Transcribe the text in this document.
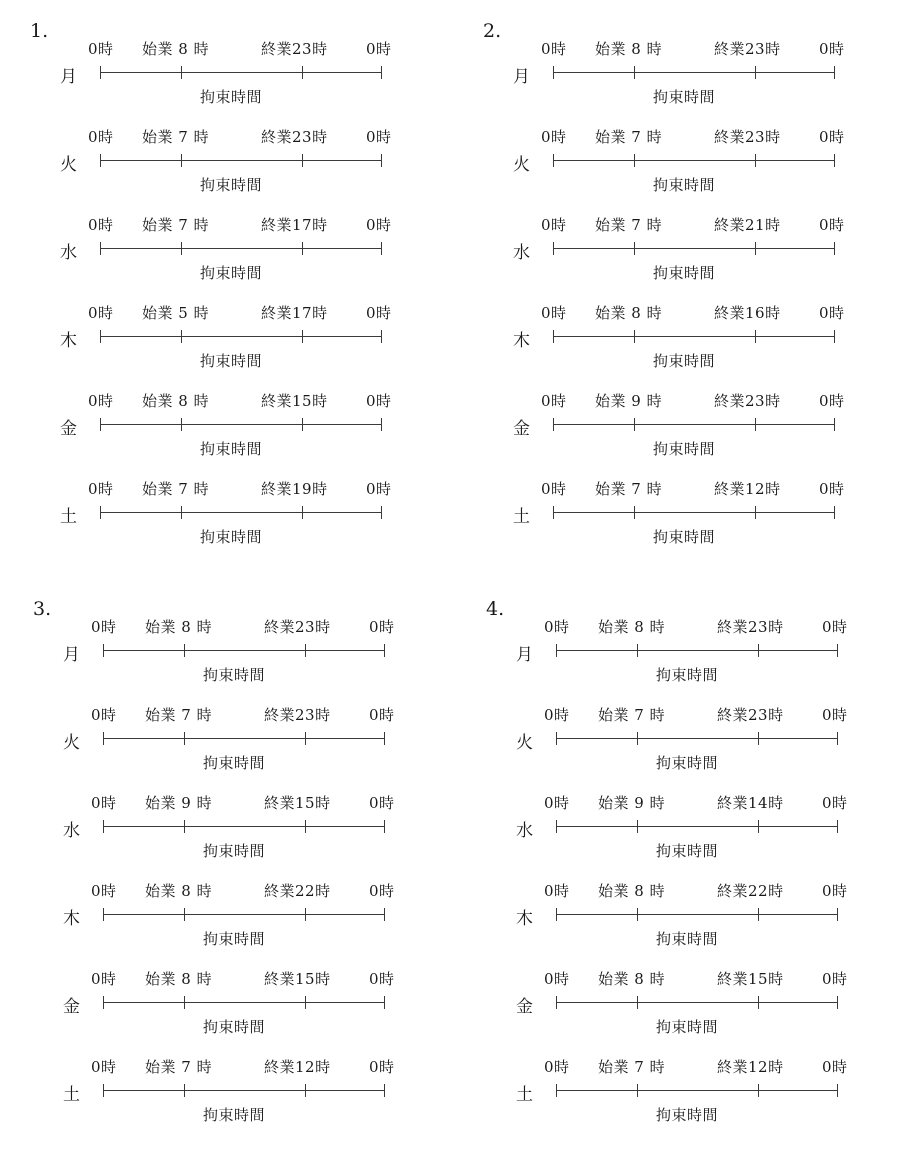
1.
0時 始業 8 時	終業23時	0時
月
拘束時間
0時 始業 7 時	終業23時	0時
火
拘束時間
0時 始業 7 時	終業17時	0時
水
拘束時間
0時 始業 5 時	終業17時	0時
木
拘束時間
0時 始業 8 時	終業15時	0時
金
拘束時間
0時 始業 7 時	終業19時	0時
土
拘束時間
2.
0時 始業 8 時	終業23時	0時
月
拘束時間
0時 始業 7 時	終業23時	0時
火
拘束時間
0時 始業 7 時	終業21時	0時
水
拘束時間
0時 始業 8 時	終業16時	0時
木
拘束時間
0時 始業 9 時	終業23時	0時
金
拘束時間
0時 始業 7 時	終業12時	0時
土
拘束時間
3.
0時 始業 8 時	終業23時	0時
月
拘束時間
0時 始業 7 時	終業23時	0時
火
拘束時間
0時 始業 9 時	終業15時	0時
水
拘束時間
0時 始業 8 時	終業22時	0時
木
拘束時間
0時 始業 8 時	終業15時	0時
金
拘束時間
0時 始業 7 時	終業12時	0時
土
拘束時間
4.
0時 始業 8 時	終業23時	0時
月
拘束時間
0時 始業 7 時	終業23時	0時
火
拘束時間
0時 始業 9 時	終業14時	0時
水
拘束時間
0時 始業 8 時	終業22時	0時
木
拘束時間
0時 始業 8 時	終業15時	0時
金
拘束時間
0時 始業 7 時	終業12時	0時
土
拘束時間
